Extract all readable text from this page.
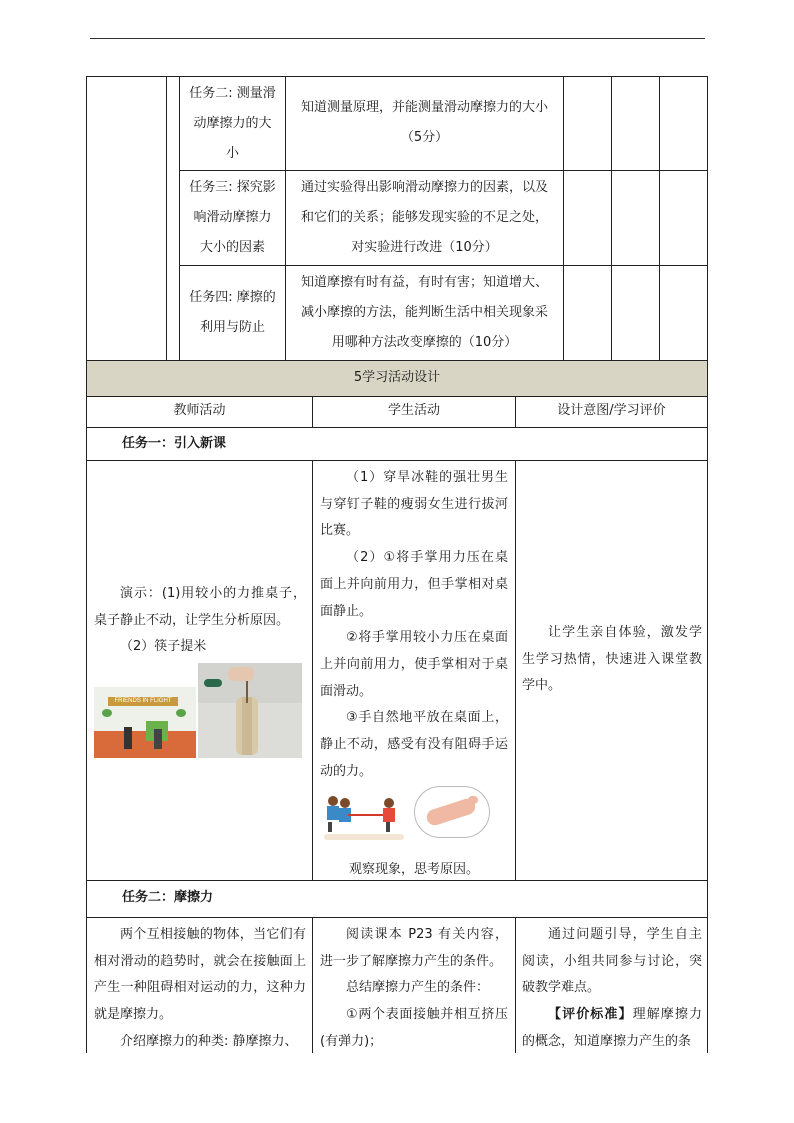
任务二: 测量滑
动摩擦力的大
小
知道测量原理，并能测量滑动摩擦力的大小
（5分）
任务三: 探究影
响滑动摩擦力
大小的因素
通过实验得出影响滑动摩擦力的因素，以及
和它们的关系；能够发现实验的不足之处，
对实验进行改进（10分）
任务四: 摩擦的
利用与防止
知道摩擦有时有益，有时有害；知道增大、
减小摩擦的方法，能判断生活中相关现象采
用哪种方法改变摩擦的（10分）
5学习活动设计
教师活动	学生活动	设计意图/学习评价
任务一：引入新课

演示：(1)用较小的力推桌子，桌子静止不动，让学生分析原因。

（2）筷子提米

FRIENDS IN FLIGHT

（1）穿旱冰鞋的强壮男生与穿钉子鞋的瘦弱女生进行拔河比赛。

（2）①将手掌用力压在桌面上并向前用力，但手掌相对桌面静止。

②将手掌用较小力压在桌面上并向前用力，使手掌相对于桌面滑动。

③手自然地平放在桌面上，静止不动，感受有没有阻碍手运动的力。

观察现象，思考原因。

让学生亲自体验，激发学生学习热情，快速进入课堂教学中。

任务二：摩擦力

两个互相接触的物体，当它们有相对滑动的趋势时，就会在接触面上产生一种阻碍相对运动的力，这种力就是摩擦力。

介绍摩擦力的种类: 静摩擦力、

阅读课本 P23 有关内容，进一步了解摩擦力产生的条件。

总结摩擦力产生的条件：

①两个表面接触并相互挤压(有弹力)；

通过问题引导，学生自主阅读，小组共同参与讨论，突破教学难点。

【评价标准】理解摩擦力的概念，知道摩擦力产生的条
